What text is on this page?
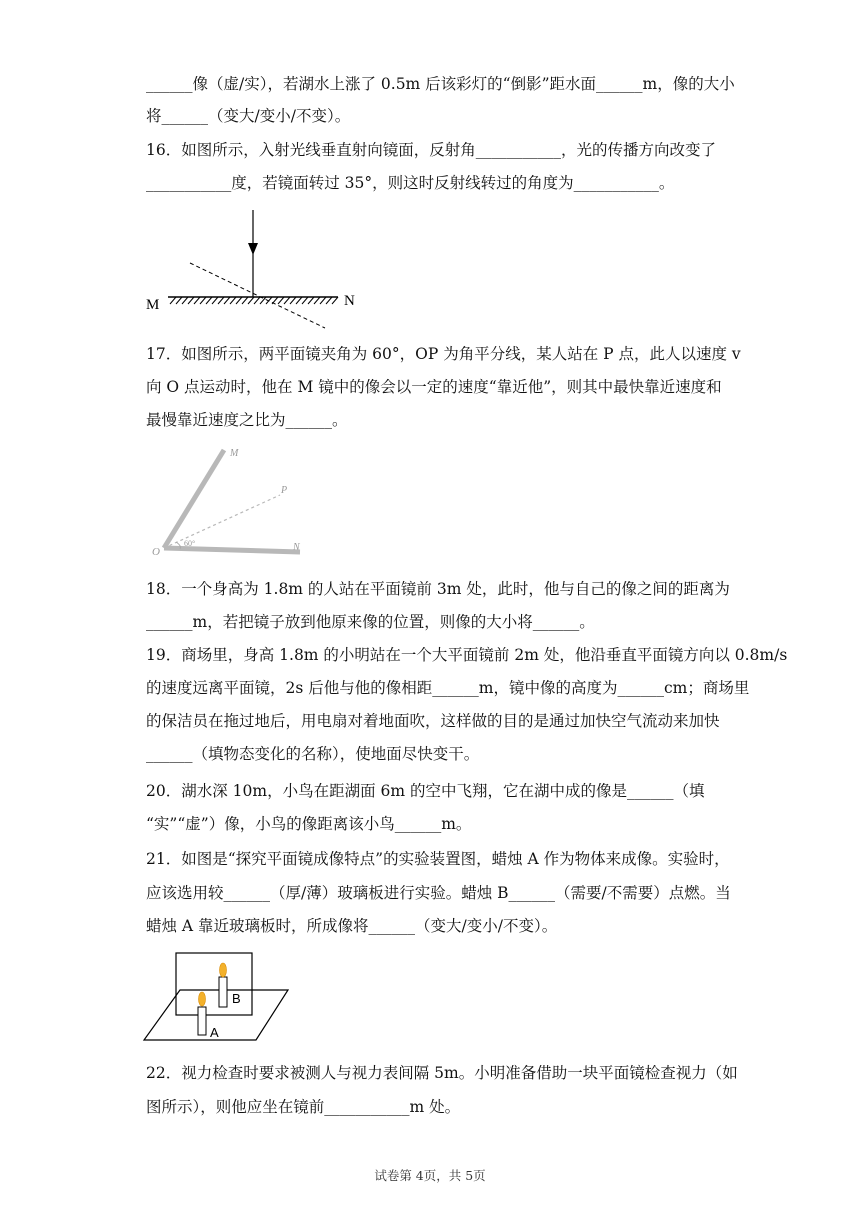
______像（虚/实），若湖水上涨了 0.5m 后该彩灯的“倒影”距水面______m，像的大小
将______（变大/变小/不变）。
16．如图所示，入射光线垂直射向镜面，反射角___________，光的传播方向改变了
___________度，若镜面转过 35°，则这时反射线转过的角度为___________。
M	N
17．如图所示，两平面镜夹角为 60°，OP 为角平分线，某人站在 P 点，此人以速度 v
向 O 点运动时，他在 M 镜中的像会以一定的速度“靠近他”，则其中最快靠近速度和
最慢靠近速度之比为______。
M
P
O	N
60°
18．一个身高为 1.8m 的人站在平面镜前 3m 处，此时，他与自己的像之间的距离为
______m，若把镜子放到他原来像的位置，则像的大小将______。
19．商场里，身高 1.8m 的小明站在一个大平面镜前 2m 处，他沿垂直平面镜方向以 0.8m/s
的速度远离平面镜，2s 后他与他的像相距______m，镜中像的高度为______cm；商场里
的保洁员在拖过地后，用电扇对着地面吹，这样做的目的是通过加快空气流动来加快
______（填物态变化的名称），使地面尽快变干。
20．湖水深 10m，小鸟在距湖面 6m 的空中飞翔，它在湖中成的像是______（填
“实”“虚”）像，小鸟的像距离该小鸟______m。
21．如图是“探究平面镜成像特点”的实验装置图，蜡烛 A 作为物体来成像。实验时，
应该选用较______（厚/薄）玻璃板进行实验。蜡烛 B______（需要/不需要）点燃。当
蜡烛 A 靠近玻璃板时，所成像将______（变大/变小/不变）。
B
A
22．视力检查时要求被测人与视力表间隔 5m。小明准备借助一块平面镜检查视力（如
图所示），则他应坐在镜前___________m 处。
试卷第 4页，共 5页
